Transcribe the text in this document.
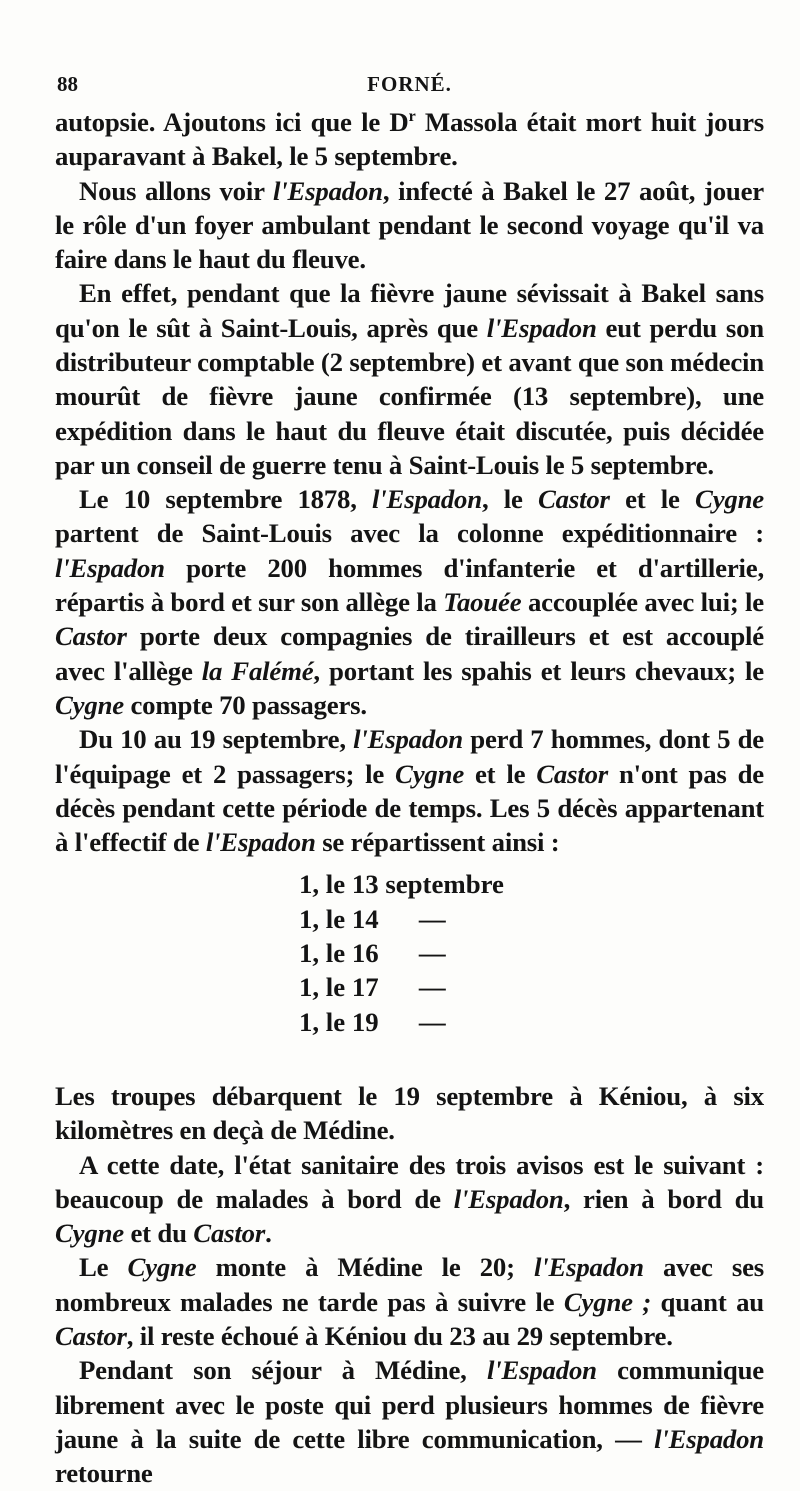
88	FORNÉ.

autopsie. Ajoutons ici que le $D^r$ Massola était mort huit jours auparavant à Bakel, le 5 septembre.

Nous allons voir l'Espadon, infecté à Bakel le 27 août, jouer le rôle d'un foyer ambulant pendant le second voyage qu'il va faire dans le haut du fleuve.

En effet, pendant que la fièvre jaune sévissait à Bakel sans qu'on le sût à Saint-Louis, après que l'Espadon eut perdu son distributeur comptable (2 septembre) et avant que son médecin mourût de fièvre jaune confirmée (13 septembre), une expédition dans le haut du fleuve était discutée, puis décidée par un conseil de guerre tenu à Saint-Louis le 5 septembre.

Le 10 septembre 1878, l'Espadon, le Castor et le Cygne partent de Saint-Louis avec la colonne expéditionnaire : l'Espadon porte 200 hommes d'infanterie et d'artillerie, répartis à bord et sur son allège la Taouée accouplée avec lui; le Castor porte deux compagnies de tirailleurs et est accouplé avec l'allège la Falémé, portant les spahis et leurs chevaux; le Cygne compte 70 passagers.

Du 10 au 19 septembre, l'Espadon perd 7 hommes, dont 5 de l'équipage et 2 passagers; le Cygne et le Castor n'ont pas de décès pendant cette période de temps. Les 5 décès appartenant à l'effectif de l'Espadon se répartissent ainsi :

1, le 13 septembre
1, le 14      —
1, le 16      —
1, le 17      —
1, le 19      —

Les troupes débarquent le 19 septembre à Kéniou, à six kilomètres en deçà de Médine.

A cette date, l'état sanitaire des trois avisos est le suivant : beaucoup de malades à bord de l'Espadon, rien à bord du Cygne et du Castor.

Le Cygne monte à Médine le 20; l'Espadon avec ses nombreux malades ne tarde pas à suivre le Cygne ; quant au Castor, il reste échoué à Kéniou du 23 au 29 septembre.

Pendant son séjour à Médine, l'Espadon communique librement avec le poste qui perd plusieurs hommes de fièvre jaune à la suite de cette libre communication, — l'Espadon retourne
